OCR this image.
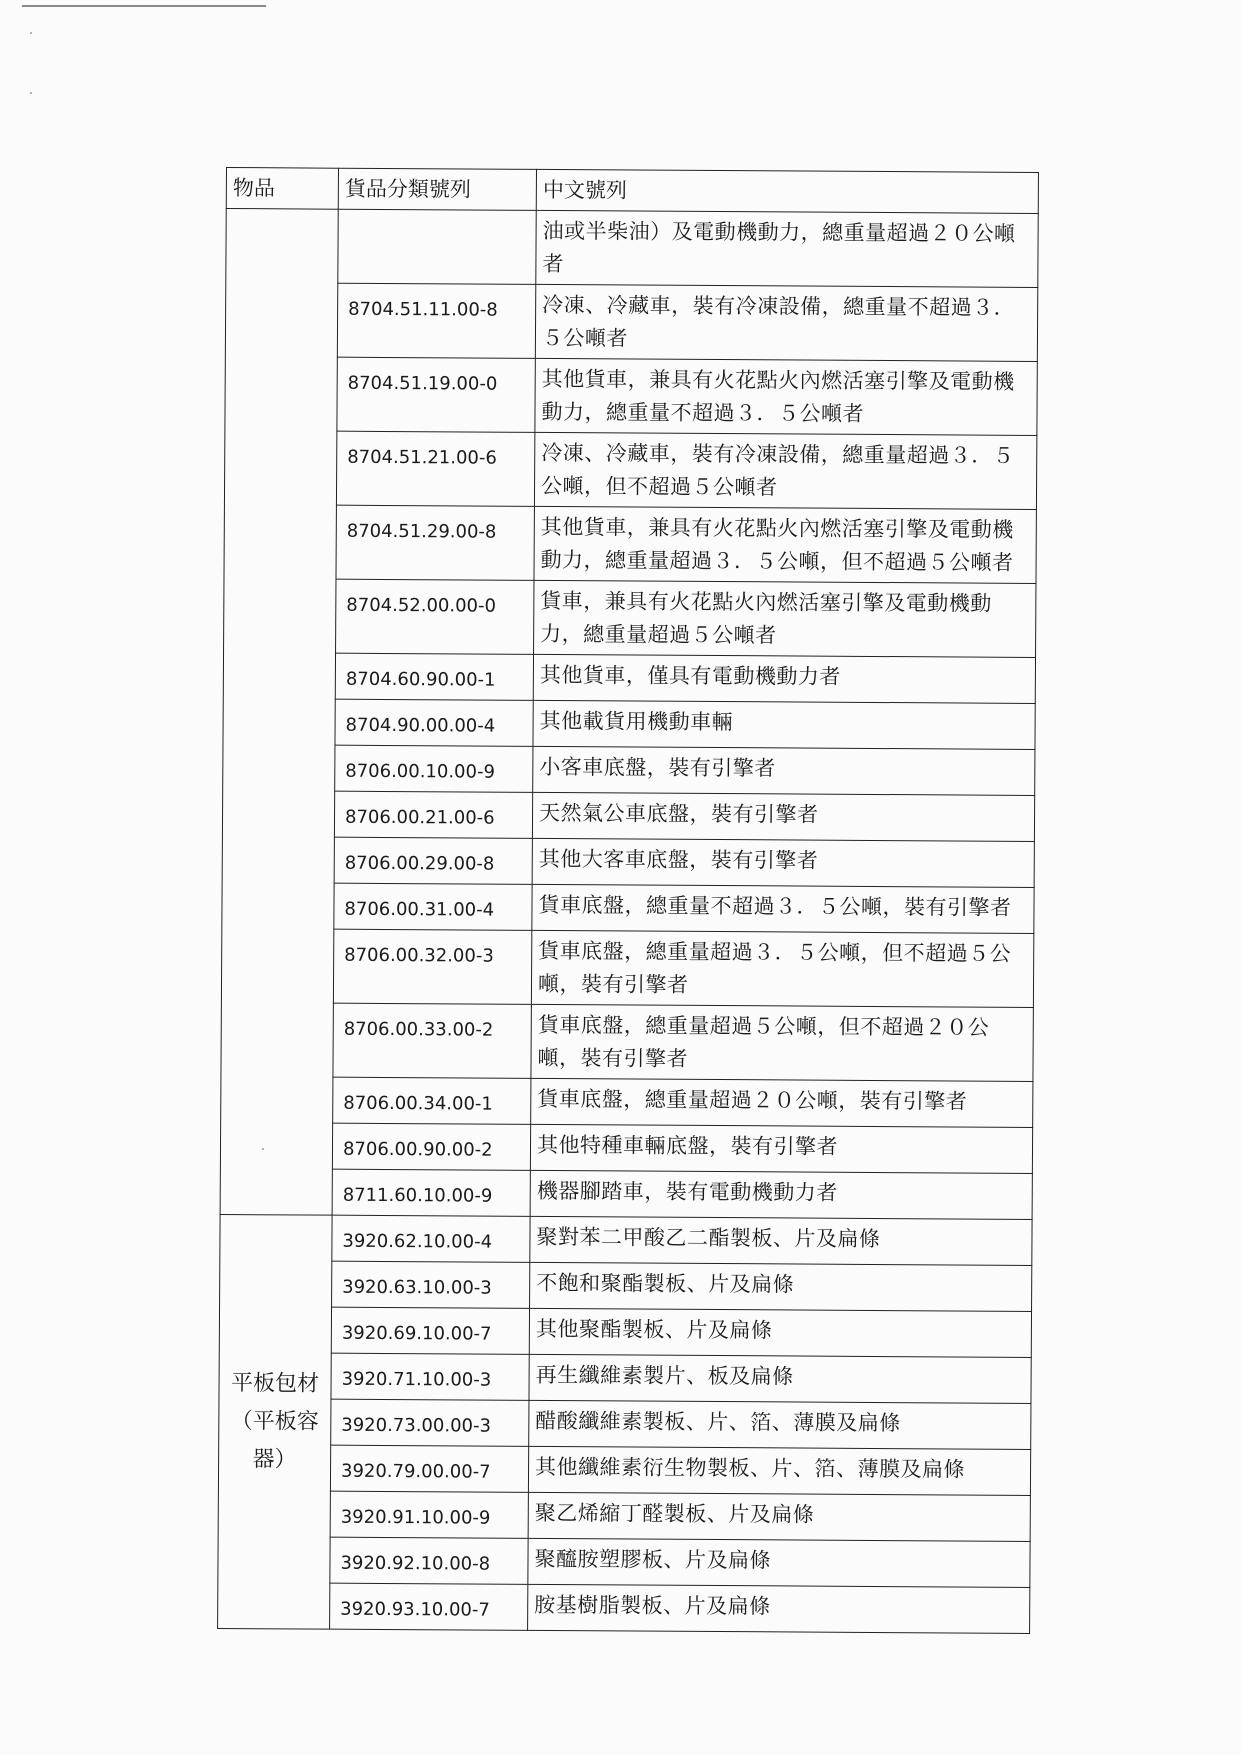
物品	貨品分類號列	中文號列
		油或半柴油）及電動機動力，總重量超過２０公噸者
	8704.51.11.00-8	冷凍、冷藏車，裝有冷凍設備，總重量不超過３．５公噸者
	8704.51.19.00-0	其他貨車，兼具有火花點火內燃活塞引擎及電動機動力，總重量不超過３．５公噸者
	8704.51.21.00-6	冷凍、冷藏車，裝有冷凍設備，總重量超過３．５公噸，但不超過５公噸者
	8704.51.29.00-8	其他貨車，兼具有火花點火內燃活塞引擎及電動機動力，總重量超過３．５公噸，但不超過５公噸者
	8704.52.00.00-0	貨車，兼具有火花點火內燃活塞引擎及電動機動力，總重量超過５公噸者
	8704.60.90.00-1	其他貨車，僅具有電動機動力者
	8704.90.00.00-4	其他載貨用機動車輛
	8706.00.10.00-9	小客車底盤，裝有引擎者
	8706.00.21.00-6	天然氣公車底盤，裝有引擎者
	8706.00.29.00-8	其他大客車底盤，裝有引擎者
	8706.00.31.00-4	貨車底盤，總重量不超過３．５公噸，裝有引擎者
	8706.00.32.00-3	貨車底盤，總重量超過３．５公噸，但不超過５公噸，裝有引擎者
	8706.00.33.00-2	貨車底盤，總重量超過５公噸，但不超過２０公噸，裝有引擎者
	8706.00.34.00-1	貨車底盤，總重量超過２０公噸，裝有引擎者
	8706.00.90.00-2	其他特種車輛底盤，裝有引擎者
	8711.60.10.00-9	機器腳踏車，裝有電動機動力者
平板包材（平板容器）	3920.62.10.00-4	聚對苯二甲酸乙二酯製板、片及扁條
	3920.63.10.00-3	不飽和聚酯製板、片及扁條
	3920.69.10.00-7	其他聚酯製板、片及扁條
	3920.71.10.00-3	再生纖維素製片、板及扁條
	3920.73.00.00-3	醋酸纖維素製板、片、箔、薄膜及扁條
	3920.79.00.00-7	其他纖維素衍生物製板、片、箔、薄膜及扁條
	3920.91.10.00-9	聚乙烯縮丁醛製板、片及扁條
	3920.92.10.00-8	聚醯胺塑膠板、片及扁條
	3920.93.10.00-7	胺基樹脂製板、片及扁條
